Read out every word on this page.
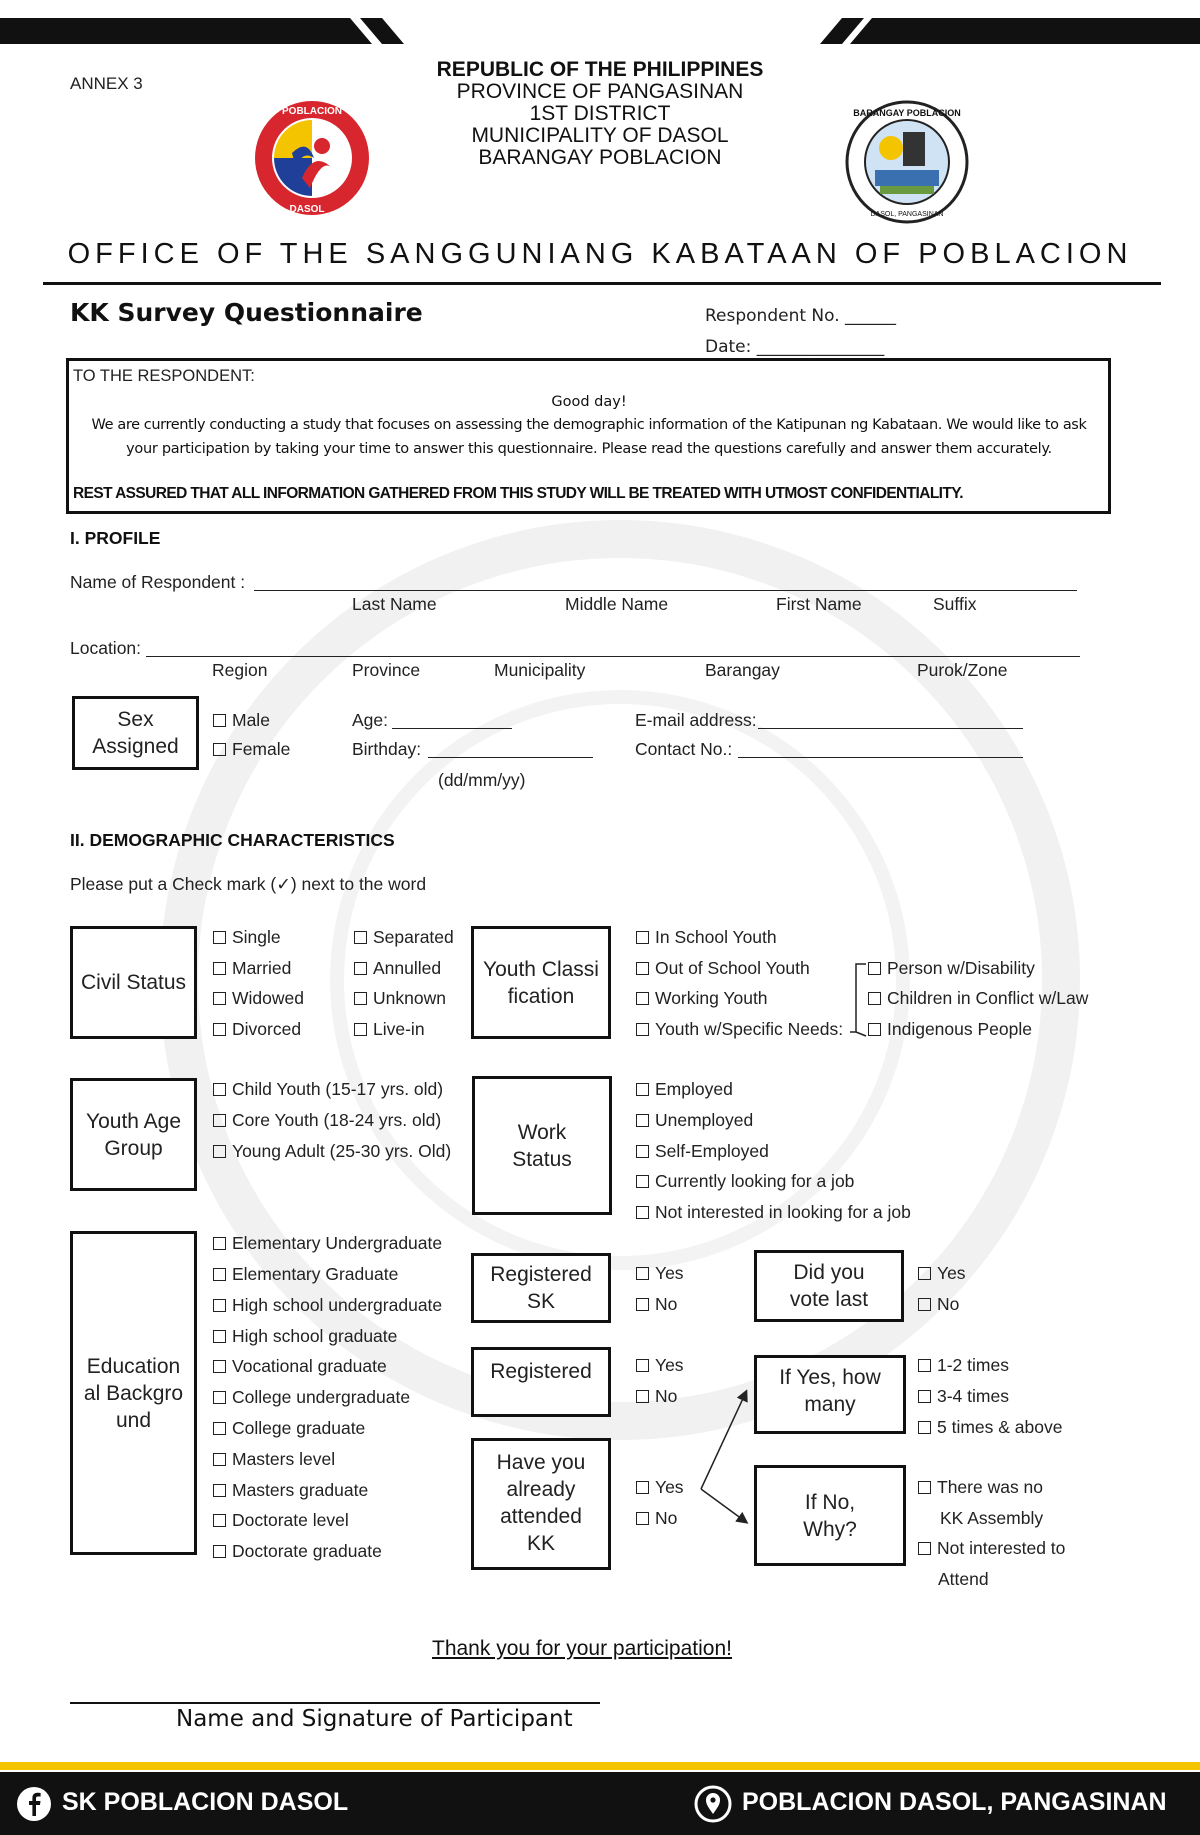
ANNEX 3
POBLACION
DASOL
REPUBLIC OF THE PHILIPPINES
PROVINCE OF PANGASINAN
1ST DISTRICT
MUNICIPALITY OF DASOL
BARANGAY POBLACION
BARANGAY POBLACION
DASOL, PANGASINAN
OFFICE OF THE SANGGUNIANG KABATAAN OF POBLACION
KK Survey Questionnaire	Respondent No. ______
Date: _______________
TO THE RESPONDENT:
Good day!
We are currently conducting a study that focuses on assessing the demographic information of the Katipunan ng Kabataan. We would like to ask
your participation by taking your time to answer this questionnaire. Please read the questions carefully and answer them accurately.
REST ASSURED THAT ALL INFORMATION GATHERED FROM THIS STUDY WILL BE TREATED WITH UTMOST CONFIDENTIALITY.
I. PROFILE
Name of Respondent :
Last Name	Middle Name	First Name	Suffix
Location:
Region	Province	Municipality	Barangay	Purok/Zone
Sex Assigned
Male
Female
Age:
Birthday:
(dd/mm/yy)
E-mail address:
Contact No.:
II. DEMOGRAPHIC CHARACTERISTICS
Please put a Check mark (✓) next to the word
Civil Status
Single
Married
Widowed
Divorced
Separated
Annulled
Unknown
Live-in
Youth Classification
In School Youth
Out of School Youth
Working Youth
Youth w/Specific Needs:
Person w/Disability
Children in Conflict w/Law
Indigenous People
Youth Age Group
Child Youth (15-17 yrs. old)
Core Youth (18-24 yrs. old)
Young Adult (25-30 yrs. Old)
Work Status
Employed
Unemployed
Self-Employed
Currently looking for a job
Not interested in looking for a job
Educational Background
Elementary Undergraduate
Elementary Graduate
High school undergraduate
High school graduate
Vocational graduate
College undergraduate
College graduate
Masters level
Masters graduate
Doctorate level
Doctorate graduate
Registered SK
Yes
No
Registered	Yes
No
Have you already attended KK
Yes
No
Did you vote last
Yes
No
If Yes, how many
1-2 times
3-4 times
5 times & above
If No, Why?
There was no
KK Assembly
Not interested to
Attend
Thank you for your participation!
Name and Signature of Participant
SK POBLACION DASOL	POBLACION DASOL, PANGASINAN
